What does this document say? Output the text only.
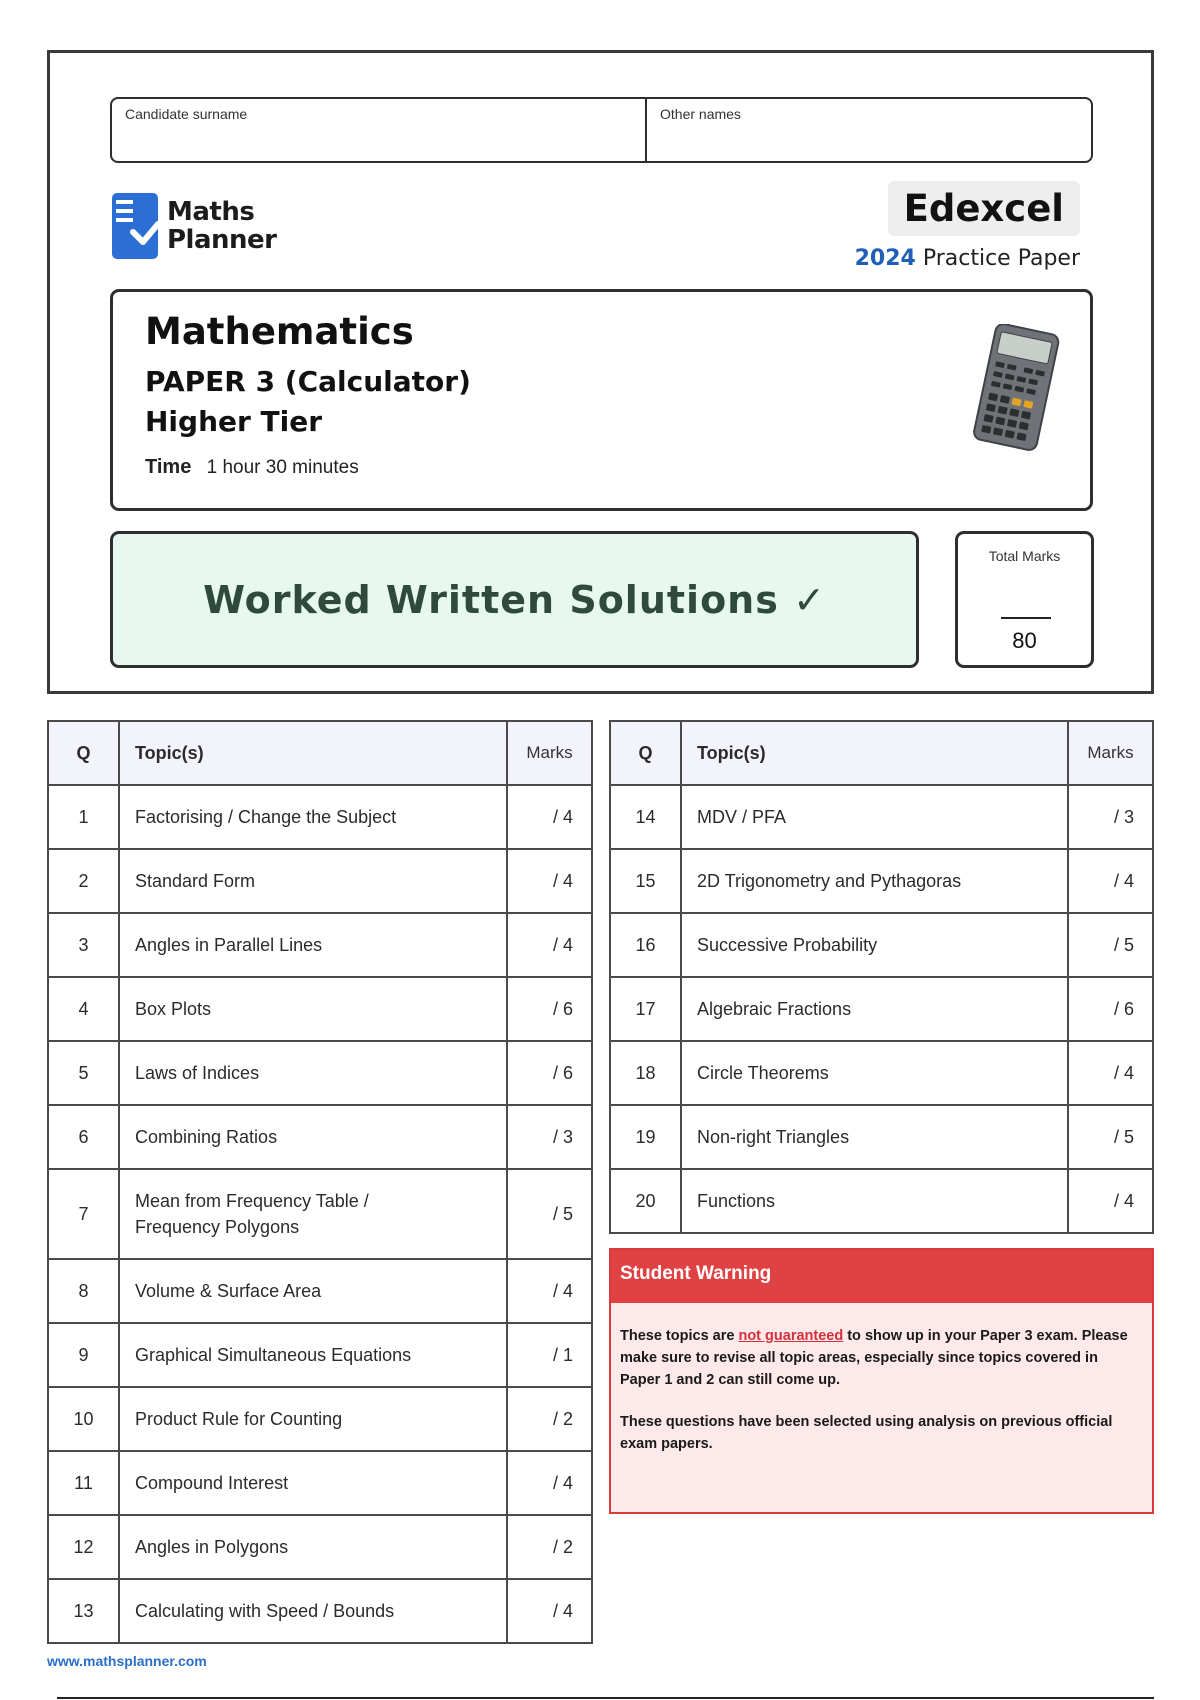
Candidate surname	Other names
Maths
Planner
Edexcel
2024 Practice Paper
Mathematics
PAPER 3 (Calculator)
Higher Tier
Time 1 hour 30 minutes
Worked Written Solutions ✓
Total Marks
80
Q	Topic(s)	Marks
1	Factorising / Change the Subject	/ 4
2	Standard Form	/ 4
3	Angles in Parallel Lines	/ 4
4	Box Plots	/ 6
5	Laws of Indices	/ 6
6	Combining Ratios	/ 3
7	Mean from Frequency Table / Frequency Polygons	/ 5
8	Volume & Surface Area	/ 4
9	Graphical Simultaneous Equations	/ 1
10	Product Rule for Counting	/ 2
11	Compound Interest	/ 4
12	Angles in Polygons	/ 2
13	Calculating with Speed / Bounds	/ 4
Q	Topic(s)	Marks
14	MDV / PFA	/ 3
15	2D Trigonometry and Pythagoras	/ 4
16	Successive Probability	/ 5
17	Algebraic Fractions	/ 6
18	Circle Theorems	/ 4
19	Non-right Triangles	/ 5
20	Functions	/ 4
Student Warning

These topics are not guaranteed to show up in your Paper 3 exam. Please make sure to revise all topic areas, especially since topics covered in Paper 1 and 2 can still come up.

These questions have been selected using analysis on previous official exam papers.

www.mathsplanner.com
